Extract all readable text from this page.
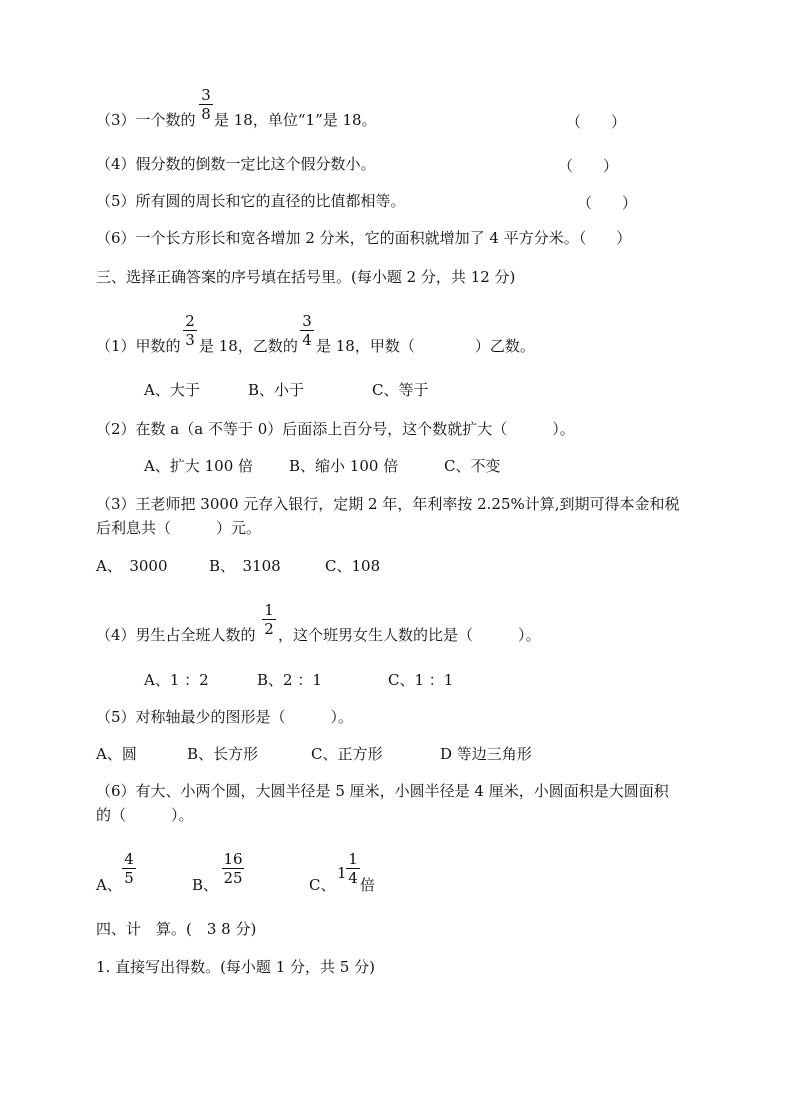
（3）一个数的
3
8 是 18，单位“1”是 18。	（　　）
（4）假分数的倒数一定比这个假分数小。	（　　）
（5）所有圆的周长和它的直径的比值都相等。	（　　）
（6）一个长方形长和宽各增加 2 分米，它的面积就增加了 4 平方分米。（　　）
三、选择正确答案的序号填在括号里。(每小题 2 分，共 12 分)
（1）甲数的
2
3 是 18，乙数的
3
4 是 18，甲数（　　　　）乙数。
A、大于	B、小于	C、等于
（2）在数 a（a 不等于 0）后面添上百分号，这个数就扩大（　　　）。
A、扩大 100 倍 B、缩小 100 倍	C、不变
（3）王老师把 3000 元存入银行，定期 2 年，年利率按 2.25%计算,到期可得本金和税
后利息共（　　　）元。
A、　3000	B、　3108	C、108
（4）男生占全班人数的
1
2 ，这个班男女生人数的比是（　　　）。
A、1 ：2	B、2 ：1	C、1 ：1
（5）对称轴最少的图形是（　　　）。
A、圆	B、长方形	C、正方形	D 等边三角形
（6）有大、小两个圆，大圆半径是 5 厘米，小圆半径是 4 厘米，小圆面积是大圆面积
的（　　　）。
A、
4
5	B、
16
25	C、
1
1
4 倍
四、计　算。(　3 8 分)
1. 直接写出得数。(每小题 1 分，共 5 分)
